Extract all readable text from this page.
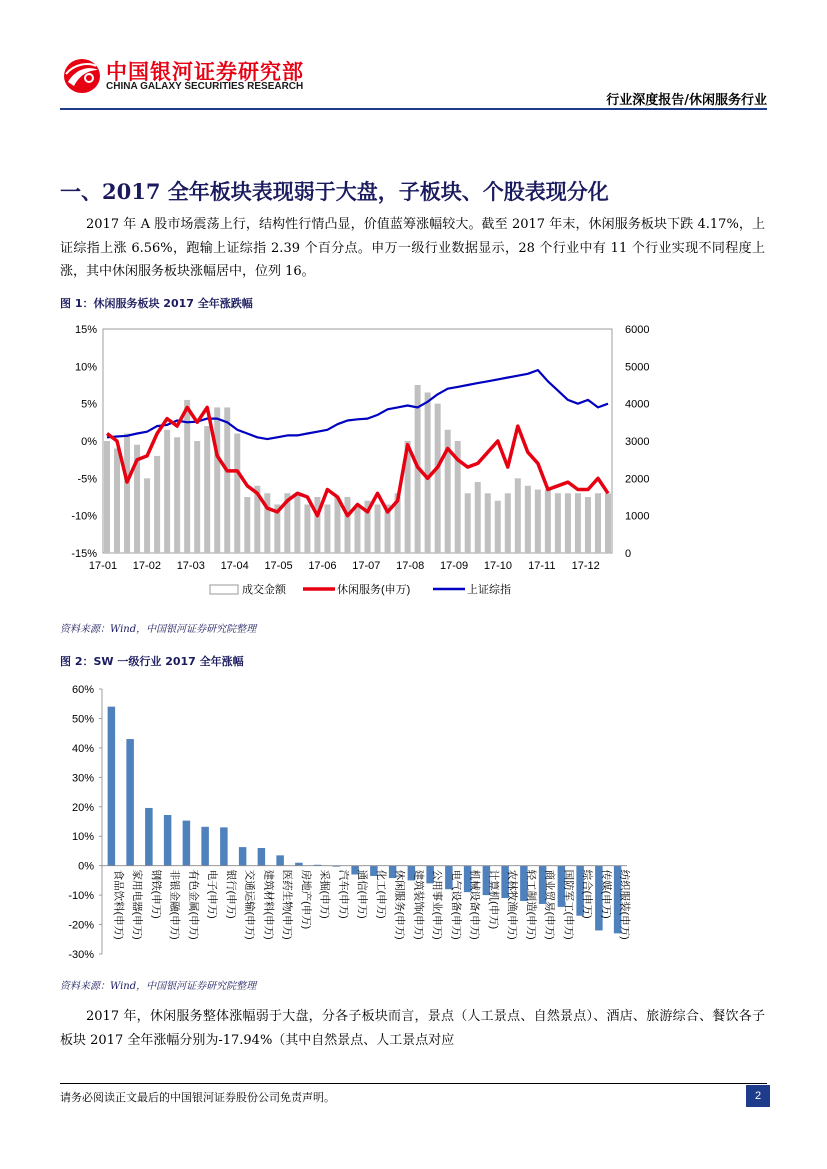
中国银河证券研究部
CHINA GALAXY SECURITIES RESEARCH
行业深度报告/休闲服务行业
一、2017 全年板块表现弱于大盘，子板块、个股表现分化
2017 年 A 股市场震荡上行，结构性行情凸显，价值蓝筹涨幅较大。截至 2017 年末，休闲服务板块下跌 4.17%，上证综指上涨 6.56%，跑输上证综指 2.39 个百分点。申万一级行业数据显示，28 个行业中有 11 个行业实现不同程度上涨，其中休闲服务板块涨幅居中，位列 16。
图 1：休闲服务板块 2017 全年涨跌幅
15%
10%
5%
0%
-5%
-10%
-15%
6000
5000
4000
3000
2000
1000
0
17-01 17-02 17-03 17-04 17-05 17-06 17-07 17-08 17-09 17-10 17-11 17-12
成交金额	休闲服务(申万)	上证综指
资料来源：Wind，中国银河证券研究院整理
图 2：SW 一级行业 2017 全年涨幅
60%
50%
40%
30%
20%
10%
0%
-10%
-20%
-30%
食品饮料(申万) 家用电器(申万) 钢铁(申万) 非银金融(申万) 有色金属(申万) 电子(申万) 银行(申万) 交通运输(申万) 建筑材料(申万) 医药生物(申万) 房地产(申万) 采掘(申万) 汽车(申万) 通信(申万) 化工(申万) 休闲服务(申万) 建筑装饰(申万) 公用事业(申万) 电气设备(申万) 机械设备(申万) 计算机(申万) 农林牧渔(申万) 轻工制造(申万) 商业贸易(申万) 国防军工(申万) 综合(申万) 传媒(申万) 纺织服装(申万)
资料来源：Wind，中国银河证券研究院整理
2017 年，休闲服务整体涨幅弱于大盘，分各子板块而言，景点（人工景点、自然景点）、酒店、旅游综合、餐饮各子板块 2017 全年涨幅分别为-17.94%（其中自然景点、人工景点对应
请务必阅读正文最后的中国银河证券股份公司免责声明。	2
